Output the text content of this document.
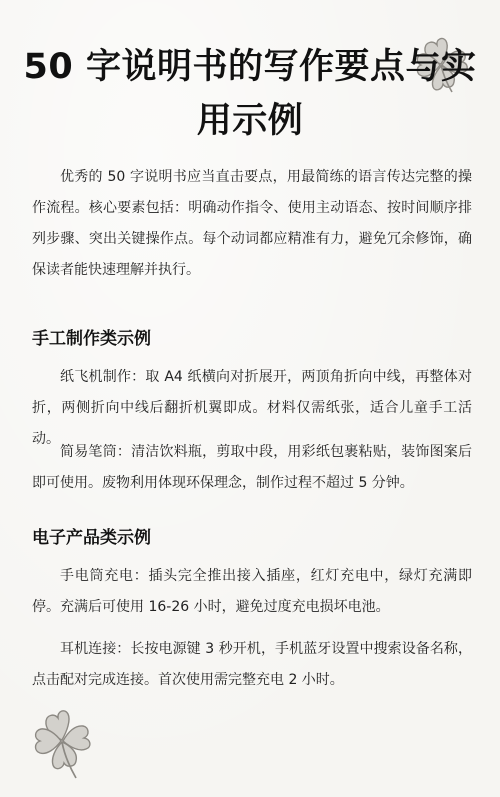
50 字说明书的写作要点与实用示例
优秀的 50 字说明书应当直击要点，用最简练的语言传达完整的操作流程。核心要素包括：明确动作指令、使用主动语态、按时间顺序排列步骤、突出关键操作点。每个动词都应精准有力，避免冗余修饰，确保读者能快速理解并执行。
手工制作类示例
纸飞机制作：取 A4 纸横向对折展开，两顶角折向中线，再整体对折，两侧折向中线后翻折机翼即成。材料仅需纸张，适合儿童手工活动。
简易笔筒：清洁饮料瓶，剪取中段，用彩纸包裹粘贴，装饰图案后即可使用。废物利用体现环保理念，制作过程不超过 5 分钟。
电子产品类示例
手电筒充电：插头完全推出接入插座，红灯充电中，绿灯充满即停。充满后可使用 16-26 小时，避免过度充电损坏电池。
耳机连接：长按电源键 3 秒开机，手机蓝牙设置中搜索设备名称，点击配对完成连接。首次使用需完整充电 2 小时。
